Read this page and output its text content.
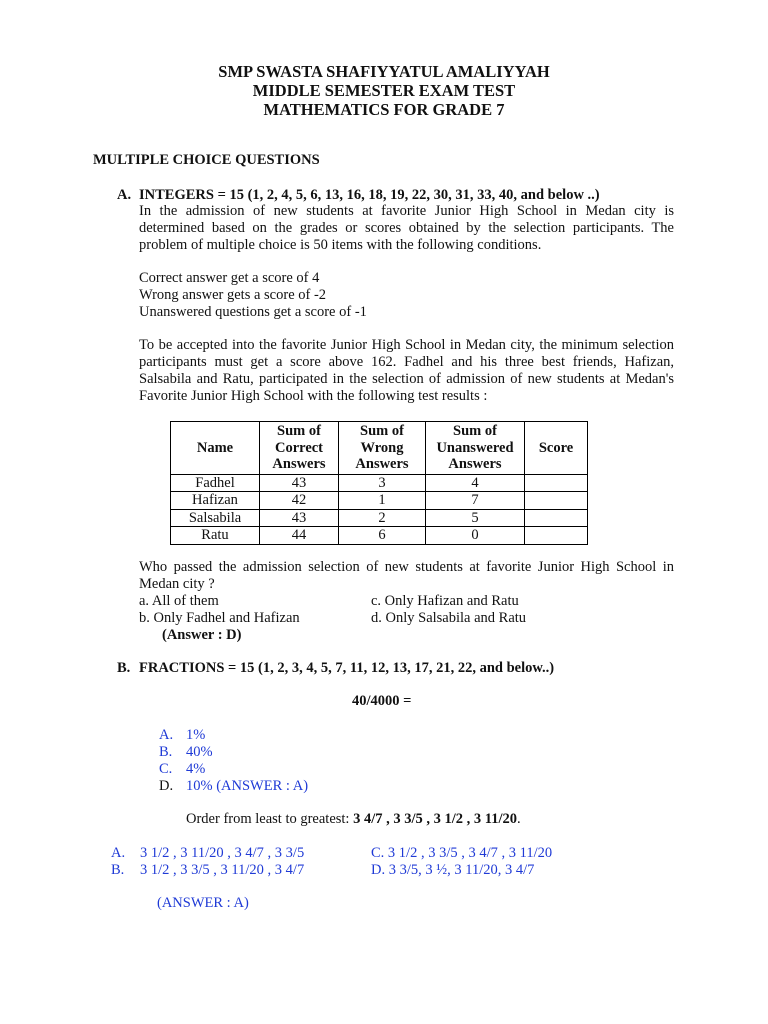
SMP SWASTA SHAFIYYATUL AMALIYYAH
MIDDLE SEMESTER EXAM TEST
MATHEMATICS FOR GRADE 7
MULTIPLE CHOICE QUESTIONS
A. INTEGERS = 15 (1, 2, 4, 5, 6, 13, 16, 18, 19, 22, 30, 31, 33, 40, and below ..)
In the admission of new students at favorite Junior High School in Medan city is determined based on the grades or scores obtained by the selection participants. The problem of multiple choice is 50 items with the following conditions.
Correct answer get a score of 4
Wrong answer gets a score of -2
Unanswered questions get a score of -1
To be accepted into the favorite Junior High School in Medan city, the minimum selection participants must get a score above 162. Fadhel and his three best friends, Hafizan, Salsabila and Ratu, participated in the selection of admission of new students at Medan's Favorite Junior High School with the following test results :
Name	Sum of Correct Answers	Sum of Wrong Answers	Sum of Unanswered Answers	Score
Fadhel	43	3	4	
Hafizan	42	1	7	
Salsabila	43	2	5	
Ratu	44	6	0	
Who passed the admission selection of new students at favorite Junior High School in Medan city ?
a. All of them
b. Only Fadhel and Hafizan
c. Only Hafizan and Ratu
d. Only Salsabila and Ratu
(Answer : D)
B. FRACTIONS = 15 (1, 2, 3, 4, 5, 7, 11, 12, 13, 17, 21, 22, and below..)
40/4000 =
A. 1%
B. 40%
C. 4%
D. 10% (ANSWER : A)
Order from least to greatest: 3 4/7 , 3 3/5 , 3 1/2 , 3 11/20.
A. 3 1/2 , 3 11/20 , 3 4/7 , 3 3/5
B. 3 1/2 , 3 3/5 , 3 11/20 , 3 4/7
C. 3 1/2 , 3 3/5 , 3 4/7 , 3 11/20
D. 3 3/5, 3 ½, 3 11/20, 3 4/7
(ANSWER : A)
